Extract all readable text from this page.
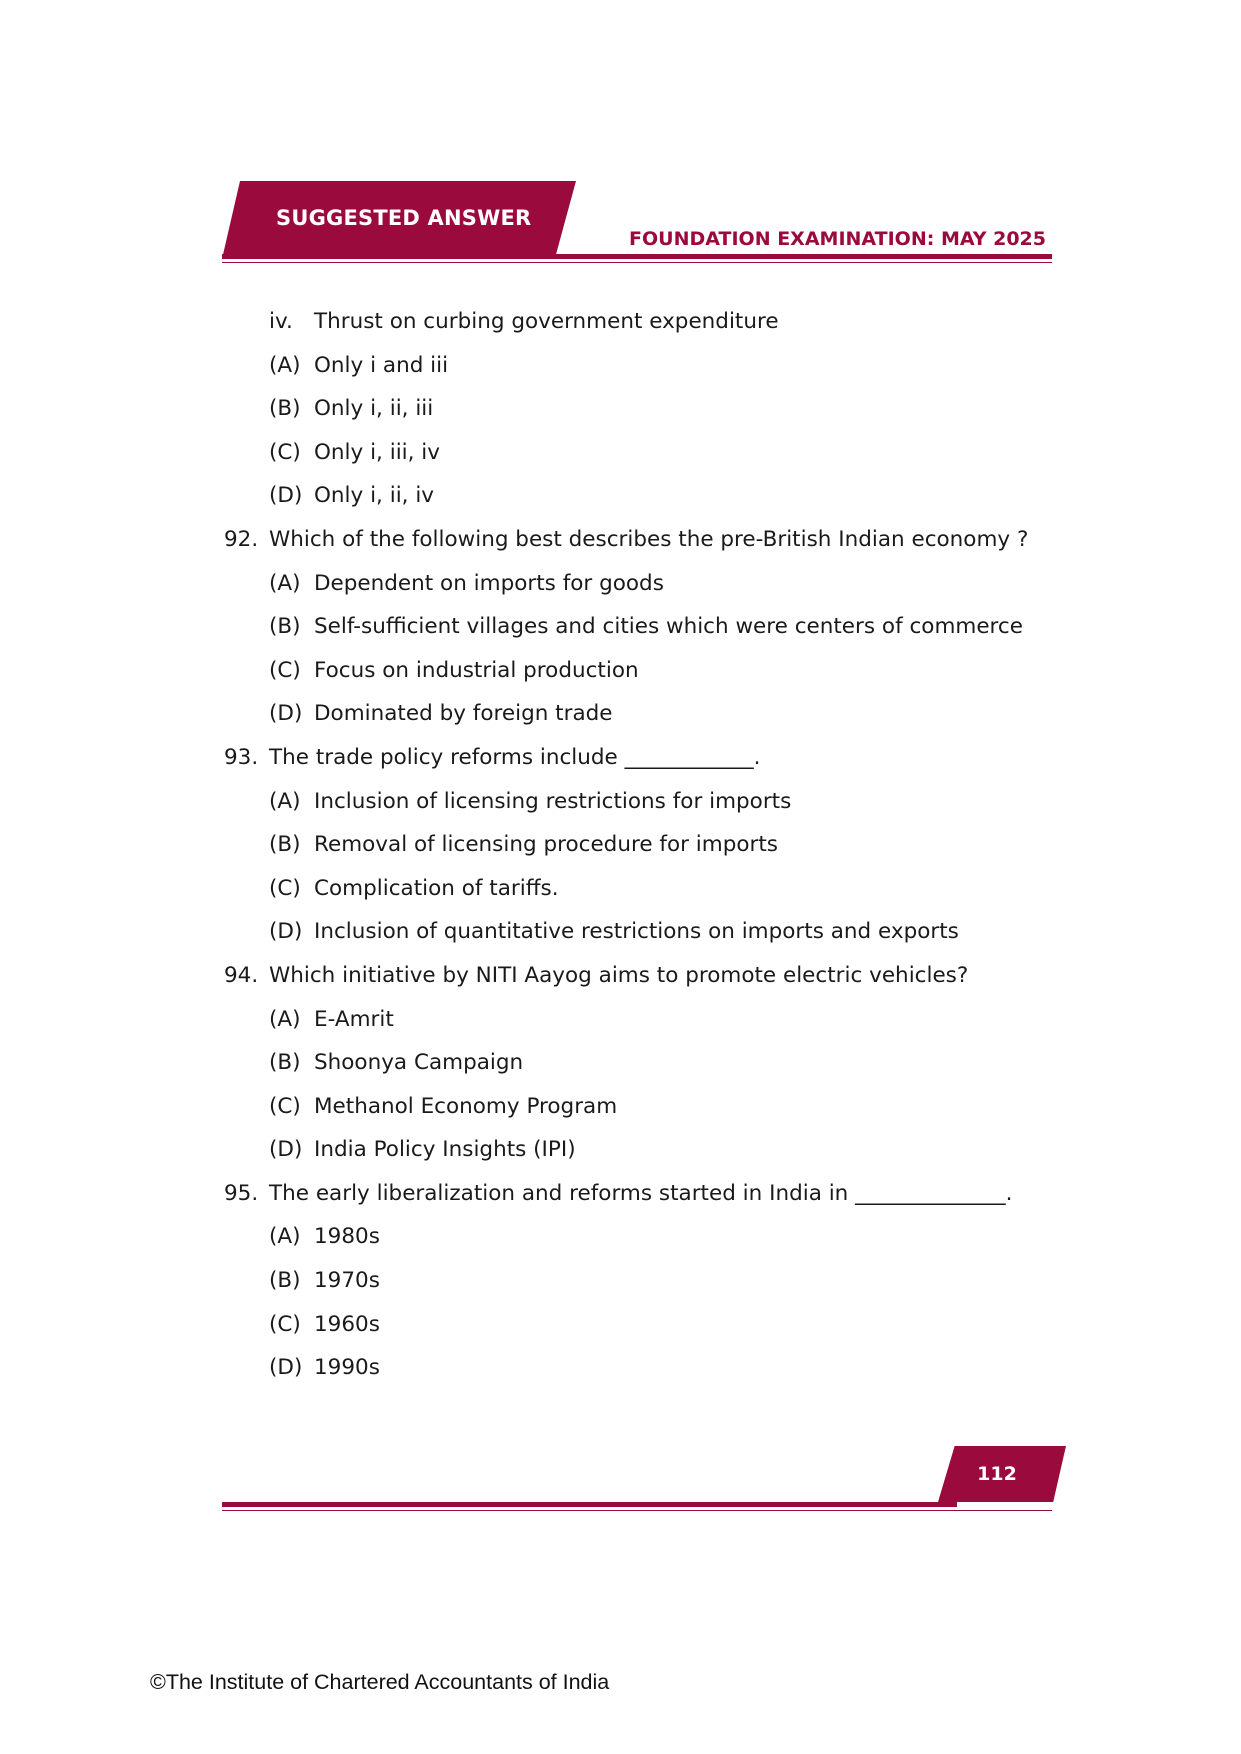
SUGGESTED ANSWER
FOUNDATION EXAMINATION: MAY 2025
iv. Thrust on curbing government expenditure
(A) Only i and iii
(B) Only i, ii, iii
(C) Only i, iii, iv
(D) Only i, ii, iv
92. Which of the following best describes the pre-British Indian economy ?
(A) Dependent on imports for goods
(B) Self-sufficient villages and cities which were centers of commerce
(C) Focus on industrial production
(D) Dominated by foreign trade
93. The trade policy reforms include ____________.
(A) Inclusion of licensing restrictions for imports
(B) Removal of licensing procedure for imports
(C) Complication of tariffs.
(D) Inclusion of quantitative restrictions on imports and exports
94. Which initiative by NITI Aayog aims to promote electric vehicles?
(A) E-Amrit
(B) Shoonya Campaign
(C) Methanol Economy Program
(D) India Policy Insights (IPI)
95. The early liberalization and reforms started in India in ______________.
(A) 1980s
(B) 1970s
(C) 1960s
(D) 1990s
112
©The Institute of Chartered Accountants of India
